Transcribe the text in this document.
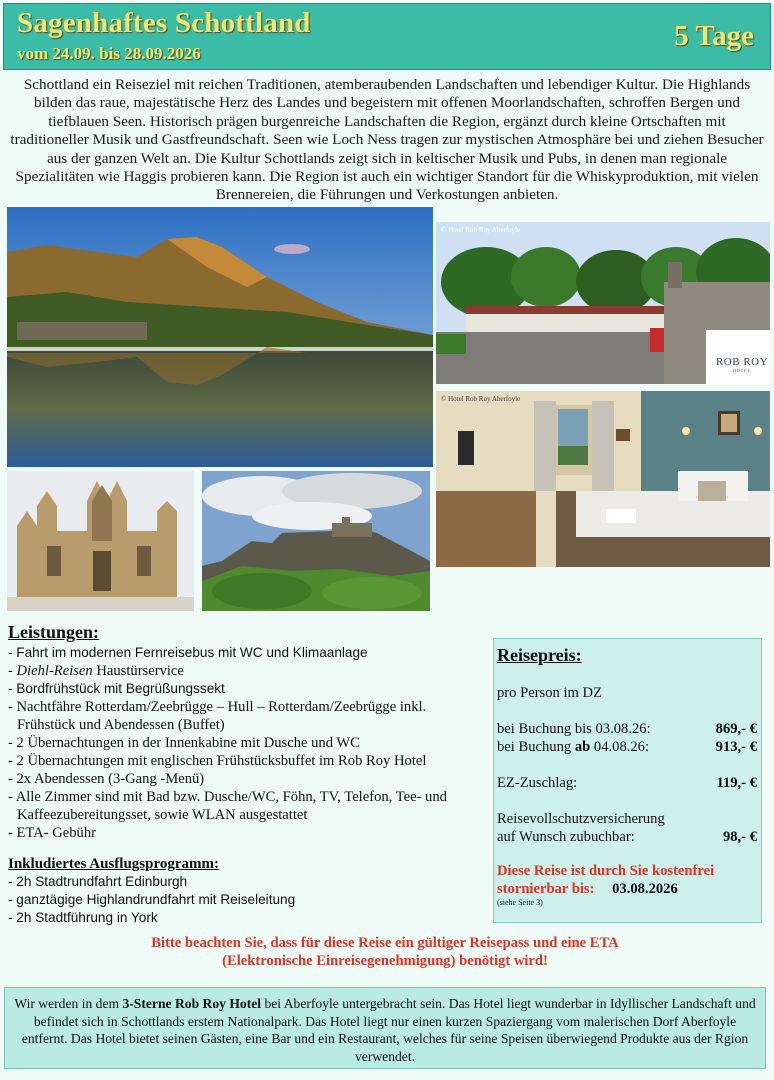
Sagenhaftes Schottland
vom 24.09. bis 28.09.2026
5 Tage

Schottland ein Reiseziel mit reichen Traditionen, atemberaubenden Landschaften und lebendiger Kultur. Die Highlands bilden das raue, majestätische Herz des Landes und begeistern mit offenen Moorlandschaften, schroffen Bergen und tiefblauen Seen. Historisch prägen burgenreiche Landschaften die Region, ergänzt durch kleine Ortschaften mit traditioneller Musik und Gastfreundschaft. Seen wie Loch Ness tragen zur mystischen Atmosphäre bei und ziehen Besucher aus der ganzen Welt an. Die Kultur Schottlands zeigt sich in keltischer Musik und Pubs, in denen man regionale Spezialitäten wie Haggis probieren kann. Die Region ist auch ein wichtiger Standort für die Whiskyproduktion, mit vielen Brennereien, die Führungen und Verkostungen anbieten.

© Hotel Rob Roy Aberfoyle
ROB ROY
HOTEL
© Hotel Rob Roy Aberfoyle
Leistungen:
- Fahrt im modernen Fernreisebus mit WC und Klimaanlage
- Diehl-Reisen Haustürservice
- Bordfrühstück mit Begrüßungssekt
- Nachtfähre Rotterdam/Zeebrügge – Hull – Rotterdam/Zeebrügge inkl. Frühstück und Abendessen (Buffet)
- 2 Übernachtungen in der Innenkabine mit Dusche und WC
- 2 Übernachtungen mit englischen Frühstücksbuffet im Rob Roy Hotel
- 2x Abendessen (3-Gang -Menü)
- Alle Zimmer sind mit Bad bzw. Dusche/WC, Föhn, TV, Telefon, Tee- und Kaffeezubereitungsset, sowie WLAN ausgestattet
- ETA- Gebühr
Inkludiertes Ausflugsprogramm:
- 2h Stadtrundfahrt Edinburgh
- ganztägige Highlandrundfahrt mit Reiseleitung
- 2h Stadtführung in York
Reisepreis:
pro Person im DZ
bei Buchung bis 03.08.26:	869,- €
bei Buchung ab 04.08.26:	913,- €
EZ-Zuschlag:	119,- €
Reisevollschutzversicherung
auf Wunsch zubuchbar:	98,- €
Diese Reise ist durch Sie kostenfrei
stornierbar bis: 03.08.2026
(siehe Seite 3)
Bitte beachten Sie, dass für diese Reise ein gültiger Reisepass und eine ETA (Elektronische Einreisegenehmigung) benötigt wird!
Wir werden in dem 3-Sterne Rob Roy Hotel bei Aberfoyle untergebracht sein. Das Hotel liegt wunderbar in Idyllischer Landschaft und befindet sich in Schottlands erstem Nationalpark. Das Hotel liegt nur einen kurzen Spaziergang vom malerischen Dorf Aberfoyle entfernt. Das Hotel bietet seinen Gästen, eine Bar und ein Restaurant, welches für seine Speisen überwiegend Produkte aus der Rgion verwendet.
